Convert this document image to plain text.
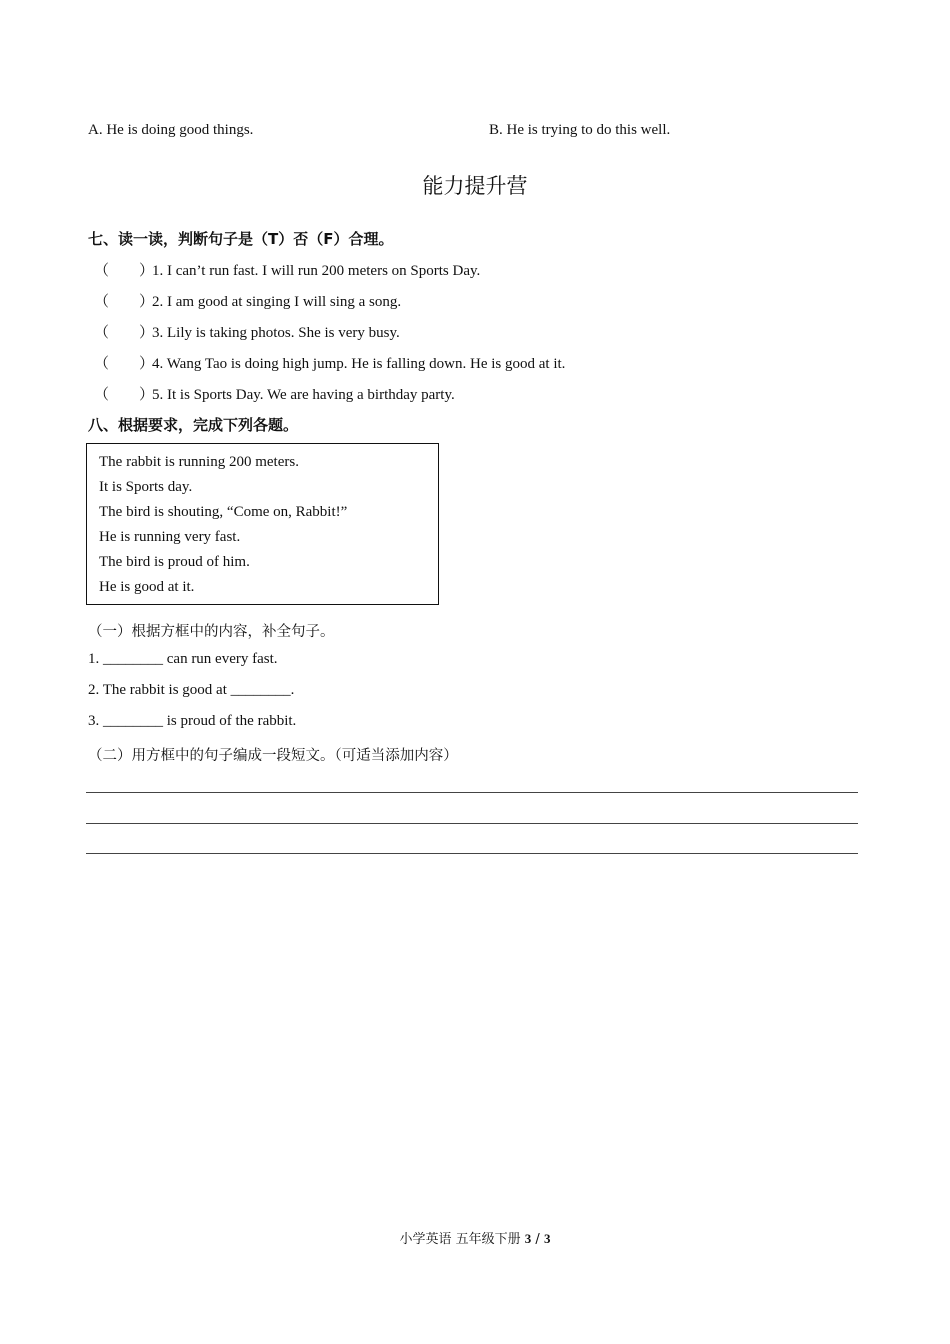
A. He is doing good things.	B. He is trying to do this well.
能力提升营
七、读一读，判断句子是（T）否（F）合理。
（　　）1. I can’t run fast. I will run 200 meters on Sports Day.
（　　）2. I am good at singing I will sing a song.
（　　）3. Lily is taking photos. She is very busy.
（　　）4. Wang Tao is doing high jump. He is falling down. He is good at it.
（　　）5. It is Sports Day. We are having a birthday party.
八、根据要求，完成下列各题。
The rabbit is running 200 meters.
It is Sports day.
The bird is shouting, “Come on, Rabbit!”
He is running very fast.
The bird is proud of him.
He is good at it.
（一）根据方框中的内容，补全句子。
1. ________ can run every fast.
2. The rabbit is good at ________.
3. ________ is proud of the rabbit.
（二）用方框中的句子编成一段短文。（可适当添加内容）
小学英语 五年级下册 3 / 3
